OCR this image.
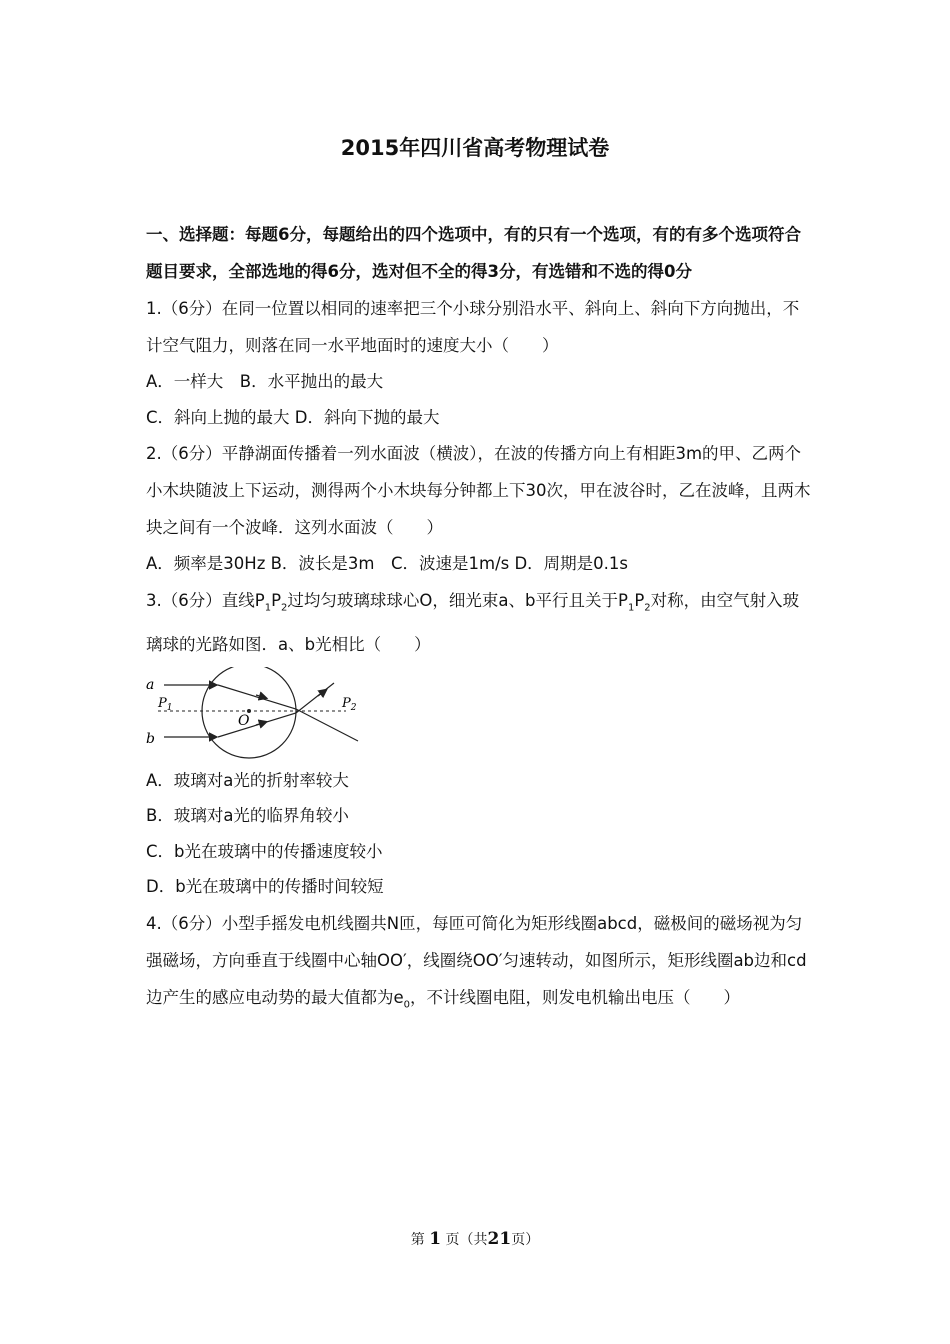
2015年四川省高考物理试卷

一、选择题：每题6分，每题给出的四个选项中，有的只有一个选项，有的有多个选项符合题目要求，全部选地的得6分，选对但不全的得3分，有选错和不选的得0分

1.（6分）在同一位置以相同的速率把三个小球分别沿水平、斜向上、斜向下方向抛出，不计空气阻力，则落在同一水平地面时的速度大小（　　）

A．一样大　B．水平抛出的最大

C．斜向上抛的最大 D．斜向下抛的最大

2.（6分）平静湖面传播着一列水面波（横波），在波的传播方向上有相距3m的甲、乙两个小木块随波上下运动，测得两个小木块每分钟都上下30次，甲在波谷时，乙在波峰，且两木块之间有一个波峰．这列水面波（　　）

A．频率是30Hz B．波长是3m　C．波速是1m/s D．周期是0.1s

3.（6分）直线$P_1P_2$过均匀玻璃球球心O，细光束a、b平行且关于$P_1P_2$对称，由空气射入玻璃球的光路如图．a、b光相比（　　）

a
b
$P_1$	$P_2$
O

A．玻璃对a光的折射率较大

B．玻璃对a光的临界角较小

C．b光在玻璃中的传播速度较小

D．b光在玻璃中的传播时间较短

4.（6分）小型手摇发电机线圈共N匝，每匝可简化为矩形线圈abcd，磁极间的磁场视为匀强磁场，方向垂直于线圈中心轴OO′，线圈绕OO′匀速转动，如图所示，矩形线圈ab边和cd边产生的感应电动势的最大值都为$e_0$，不计线圈电阻，则发电机输出电压（　　）

第 1 页（共21页）
